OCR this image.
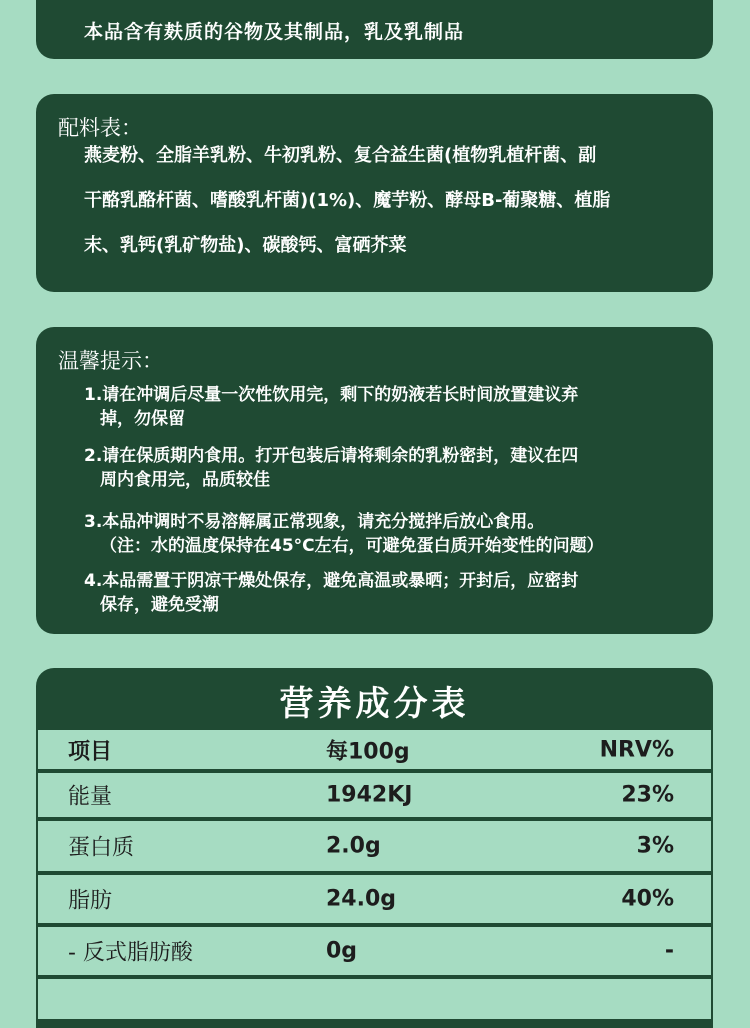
本品含有麸质的谷物及其制品，乳及乳制品
配料表：
燕麦粉、全脂羊乳粉、牛初乳粉、复合益生菌(植物乳植杆菌、副
干酪乳酪杆菌、嗜酸乳杆菌)(1%)、魔芋粉、酵母B-葡聚糖、植脂
末、乳钙(乳矿物盐)、碳酸钙、富硒芥菜
温馨提示：
1.请在冲调后尽量一次性饮用完，剩下的奶液若长时间放置建议弃
掉，勿保留
2.请在保质期内食用。打开包装后请将剩余的乳粉密封，建议在四
周内食用完，品质较佳
3.本品冲调时不易溶解属正常现象，请充分搅拌后放心食用。
（注：水的温度保持在45°C左右，可避免蛋白质开始变性的问题）
4.本品需置于阴凉干燥处保存，避免高温或暴晒；开封后，应密封
保存，避免受潮
营养成分表
项目	每100g	NRV%
能量	1942KJ	23%
蛋白质	2.0g	3%
脂肪	24.0g	40%
- 反式脂肪酸	0g	-
